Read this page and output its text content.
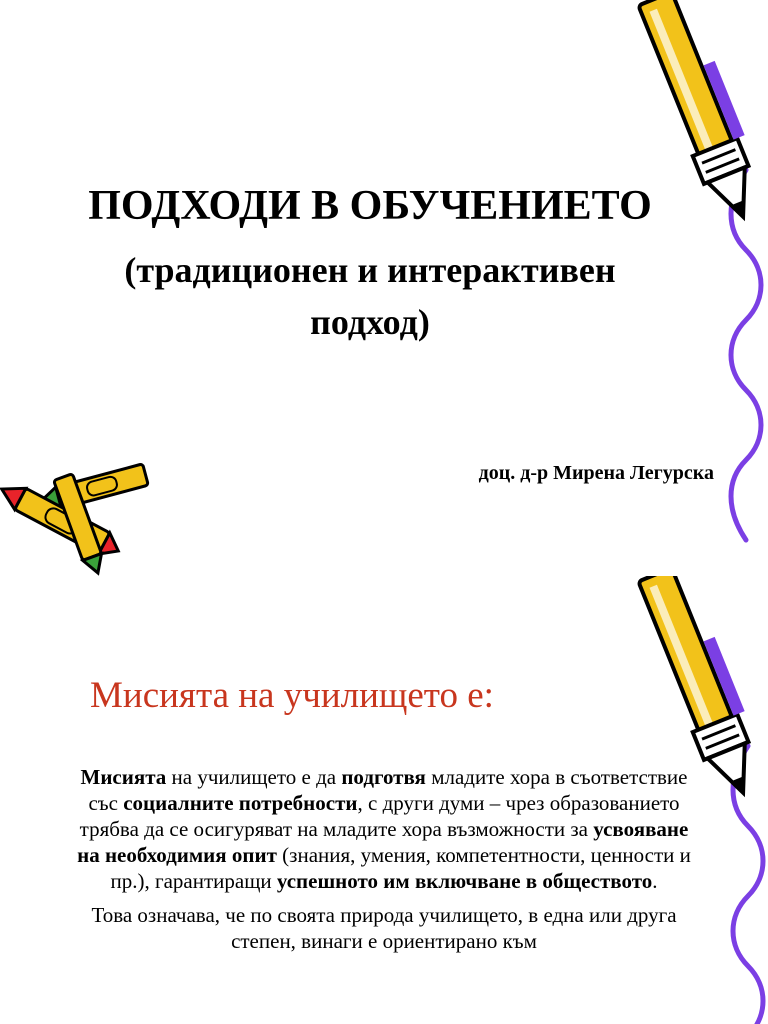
ПОДХОДИ В ОБУЧЕНИЕТО
(традиционен и интерактивен
подход)
доц. д-р Мирена Легурска
Мисията на училището е:

Мисията на училището е да подготвя младите хора в съответствие със социалните потребности, с други думи – чрез образованието трябва да се осигуряват на младите хора възможности за усвояване на необходимия опит (знания, умения, компетентности, ценности и пр.), гарантиращи успешното им включване в обществото.

Това означава, че по своята природа училището, в една или друга степен, винаги е ориентирано към
